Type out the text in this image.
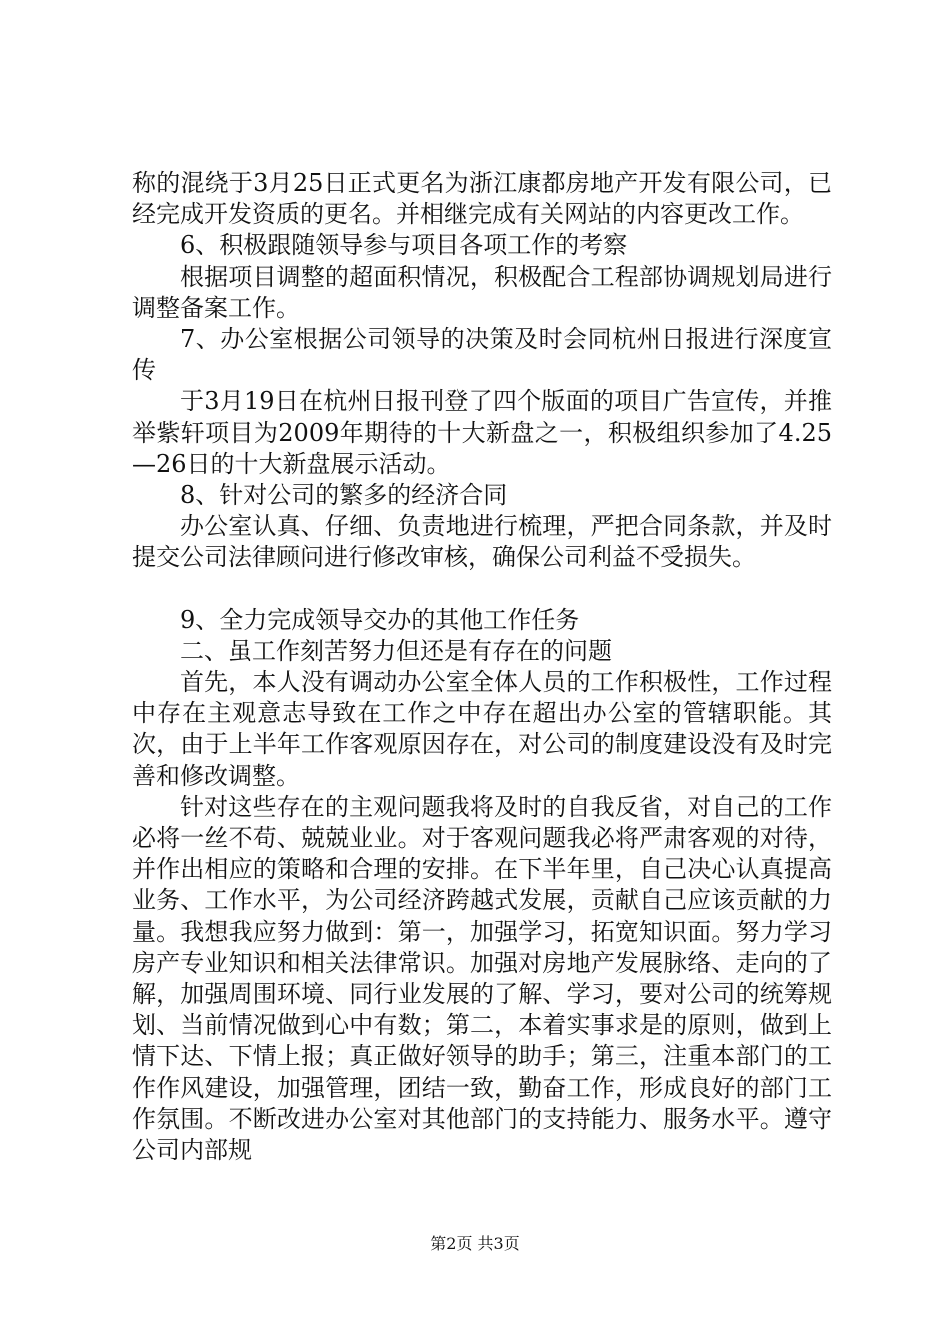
称的混绕于3月25日正式更名为浙江康都房地产开发有限公司，已经完成开发资质的更名。并相继完成有关网站的内容更改工作。

6、积极跟随领导参与项目各项工作的考察

根据项目调整的超面积情况，积极配合工程部协调规划局进行调整备案工作。

7、办公室根据公司领导的决策及时会同杭州日报进行深度宣传

于3月19日在杭州日报刊登了四个版面的项目广告宣传，并推举紫轩项目为2009年期待的十大新盘之一，积极组织参加了4.25—26日的十大新盘展示活动。

8、针对公司的繁多的经济合同

办公室认真、仔细、负责地进行梳理，严把合同条款，并及时提交公司法律顾问进行修改审核，确保公司利益不受损失。

9、全力完成领导交办的其他工作任务

二、虽工作刻苦努力但还是有存在的问题

首先，本人没有调动办公室全体人员的工作积极性，工作过程中存在主观意志导致在工作之中存在超出办公室的管辖职能。其次，由于上半年工作客观原因存在，对公司的制度建设没有及时完善和修改调整。

针对这些存在的主观问题我将及时的自我反省，对自己的工作必将一丝不苟、兢兢业业。对于客观问题我必将严肃客观的对待，并作出相应的策略和合理的安排。在下半年里，自己决心认真提高业务、工作水平，为公司经济跨越式发展，贡献自己应该贡献的力量。我想我应努力做到：第一，加强学习，拓宽知识面。努力学习房产专业知识和相关法律常识。加强对房地产发展脉络、走向的了解，加强周围环境、同行业发展的了解、学习，要对公司的统筹规划、当前情况做到心中有数；第二，本着实事求是的原则，做到上情下达、下情上报；真正做好领导的助手；第三，注重本部门的工作作风建设，加强管理，团结一致，勤奋工作，形成良好的部门工作氛围。不断改进办公室对其他部门的支持能力、服务水平。遵守公司内部规

第2页 共3页
